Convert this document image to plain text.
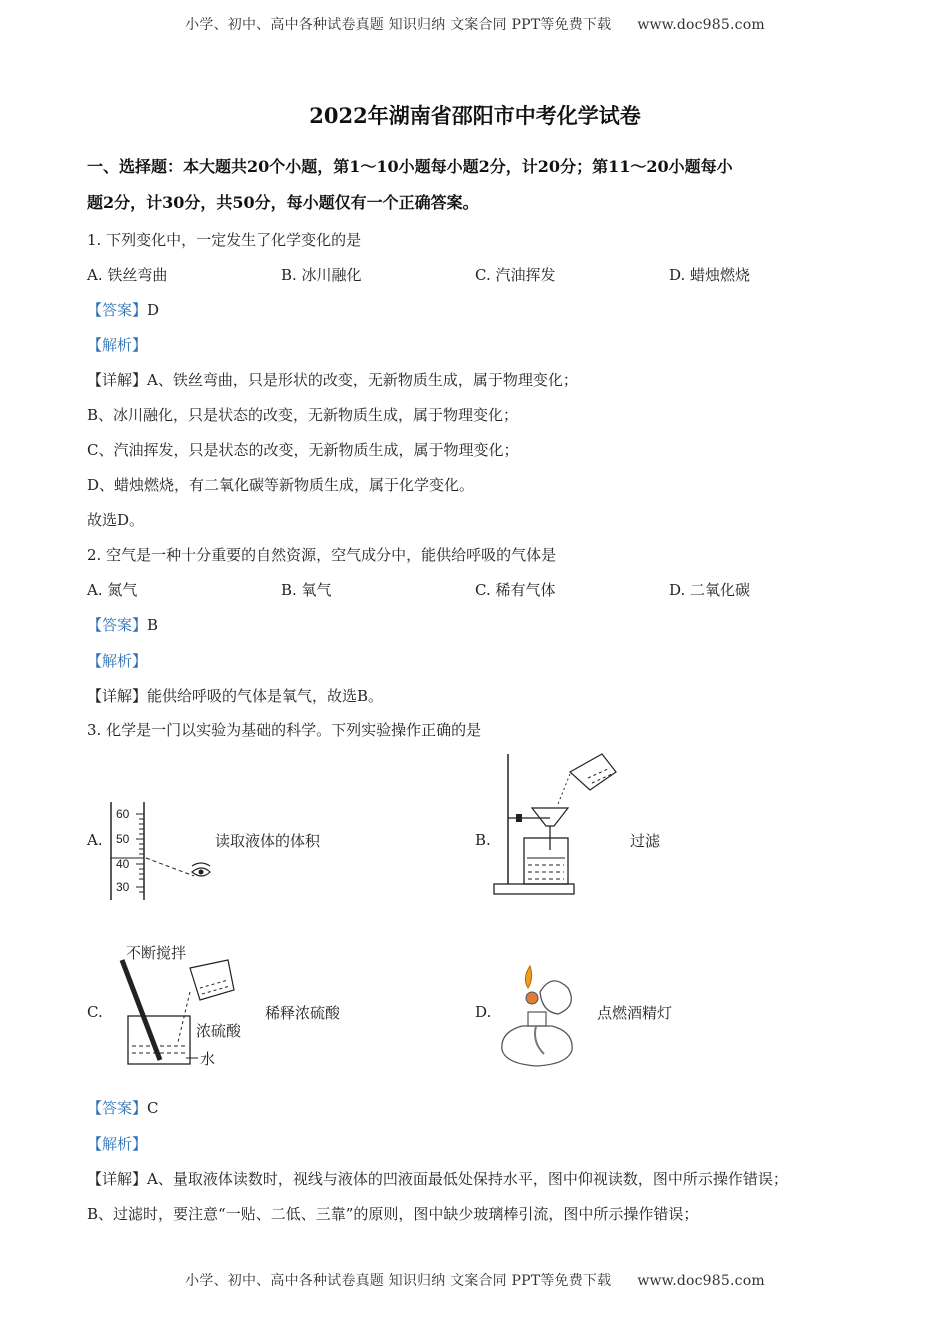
小学、初中、高中各种试卷真题 知识归纳 文案合同 PPT等免费下载 www.doc985.com
2022年湖南省邵阳市中考化学试卷
一、选择题：本大题共20个小题，第1～10小题每小题2分，计20分；第11～20小题每小
题2分，计30分，共50分，每小题仅有一个正确答案。
1. 下列变化中，一定发生了化学变化的是
A. 铁丝弯曲	B. 冰川融化	C. 汽油挥发	D. 蜡烛燃烧
【答案】D
【解析】
【详解】A、铁丝弯曲，只是形状的改变，无新物质生成，属于物理变化；
B、冰川融化，只是状态的改变，无新物质生成，属于物理变化；
C、汽油挥发，只是状态的改变，无新物质生成，属于物理变化；
D、蜡烛燃烧，有二氧化碳等新物质生成，属于化学变化。
故选D。
2. 空气是一种十分重要的自然资源，空气成分中，能供给呼吸的气体是
A. 氮气	B. 氧气	C. 稀有气体	D. 二氧化碳
【答案】B
【解析】
【详解】能供给呼吸的气体是氧气，故选B。
3. 化学是一门以实验为基础的科学。下列实验操作正确的是
A.
60
50
40
30
读取液体的体积	B.	过滤
C.
不断搅拌
浓硫酸
水
稀释浓硫酸	D.	点燃酒精灯
【答案】C
【解析】
【详解】A、量取液体读数时，视线与液体的凹液面最低处保持水平，图中仰视读数，图中所示操作错误；
B、过滤时，要注意“一贴、二低、三靠”的原则，图中缺少玻璃棒引流，图中所示操作错误；
小学、初中、高中各种试卷真题 知识归纳 文案合同 PPT等免费下载 www.doc985.com
